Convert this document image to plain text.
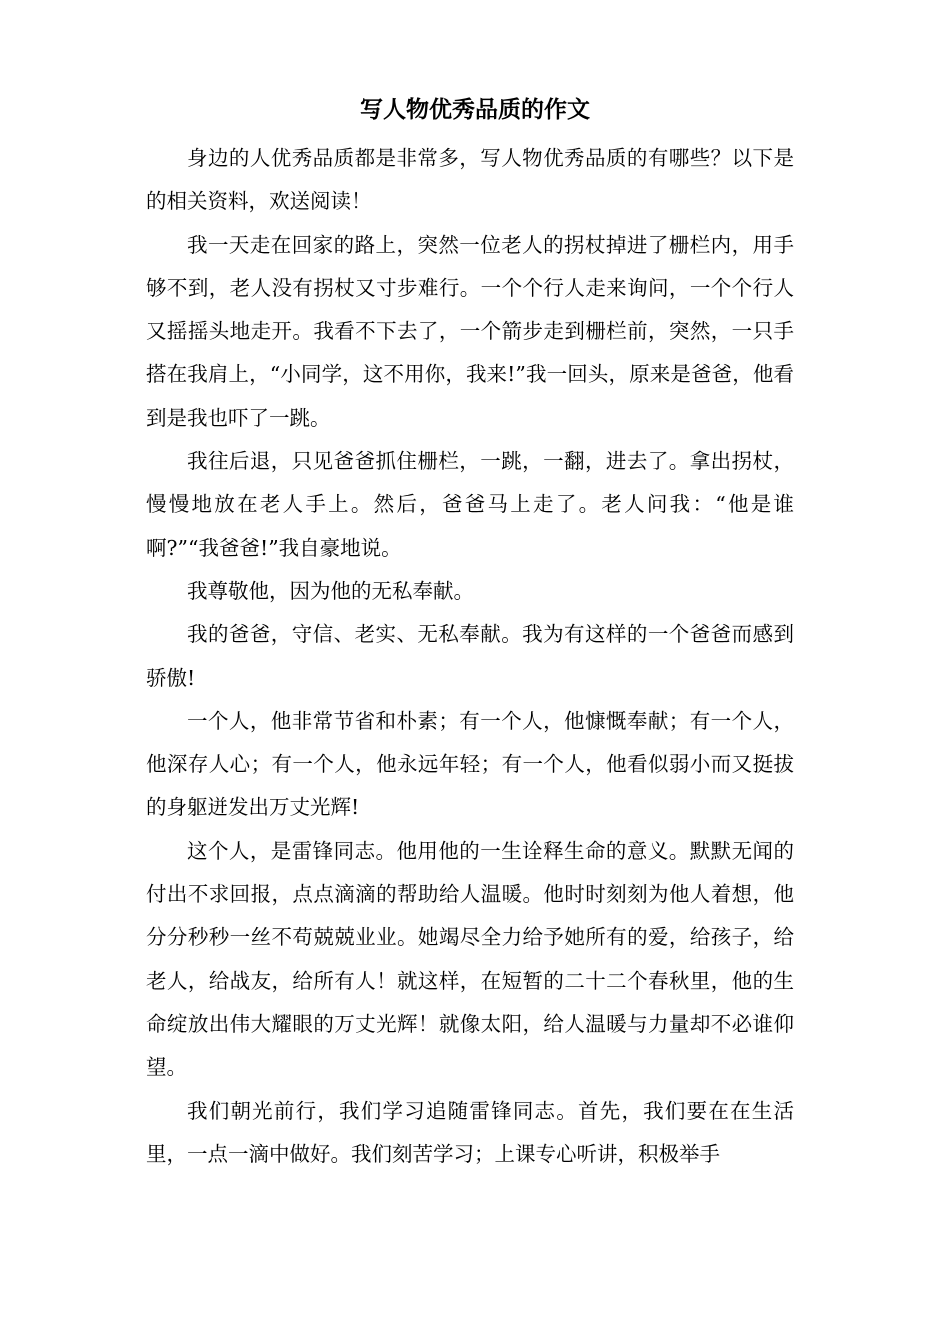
写人物优秀品质的作文

身边的人优秀品质都是非常多，写人物优秀品质的有哪些？以下是的相关资料，欢送阅读！

我一天走在回家的路上，突然一位老人的拐杖掉进了栅栏内，用手够不到，老人没有拐杖又寸步难行。一个个行人走来询问，一个个行人又摇摇头地走开。我看不下去了，一个箭步走到栅栏前，突然，一只手搭在我肩上，“小同学，这不用你，我来!”我一回头，原来是爸爸，他看到是我也吓了一跳。

我往后退，只见爸爸抓住栅栏，一跳，一翻，进去了。拿出拐杖，慢慢地放在老人手上。然后，爸爸马上走了。老人问我：“他是谁啊?”“我爸爸!”我自豪地说。

我尊敬他，因为他的无私奉献。

我的爸爸，守信、老实、无私奉献。我为有这样的一个爸爸而感到骄傲!

一个人，他非常节省和朴素；有一个人，他慷慨奉献；有一个人，他深存人心；有一个人，他永远年轻；有一个人，他看似弱小而又挺拔的身躯迸发出万丈光辉!

这个人，是雷锋同志。他用他的一生诠释生命的意义。默默无闻的付出不求回报，点点滴滴的帮助给人温暖。他时时刻刻为他人着想，他分分秒秒一丝不苟兢兢业业。她竭尽全力给予她所有的爱，给孩子，给老人，给战友，给所有人！就这样，在短暂的二十二个春秋里，他的生命绽放出伟大耀眼的万丈光辉！就像太阳，给人温暖与力量却不必谁仰望。

我们朝光前行，我们学习追随雷锋同志。首先，我们要在在生活里，一点一滴中做好。我们刻苦学习；上课专心听讲，积极举手
